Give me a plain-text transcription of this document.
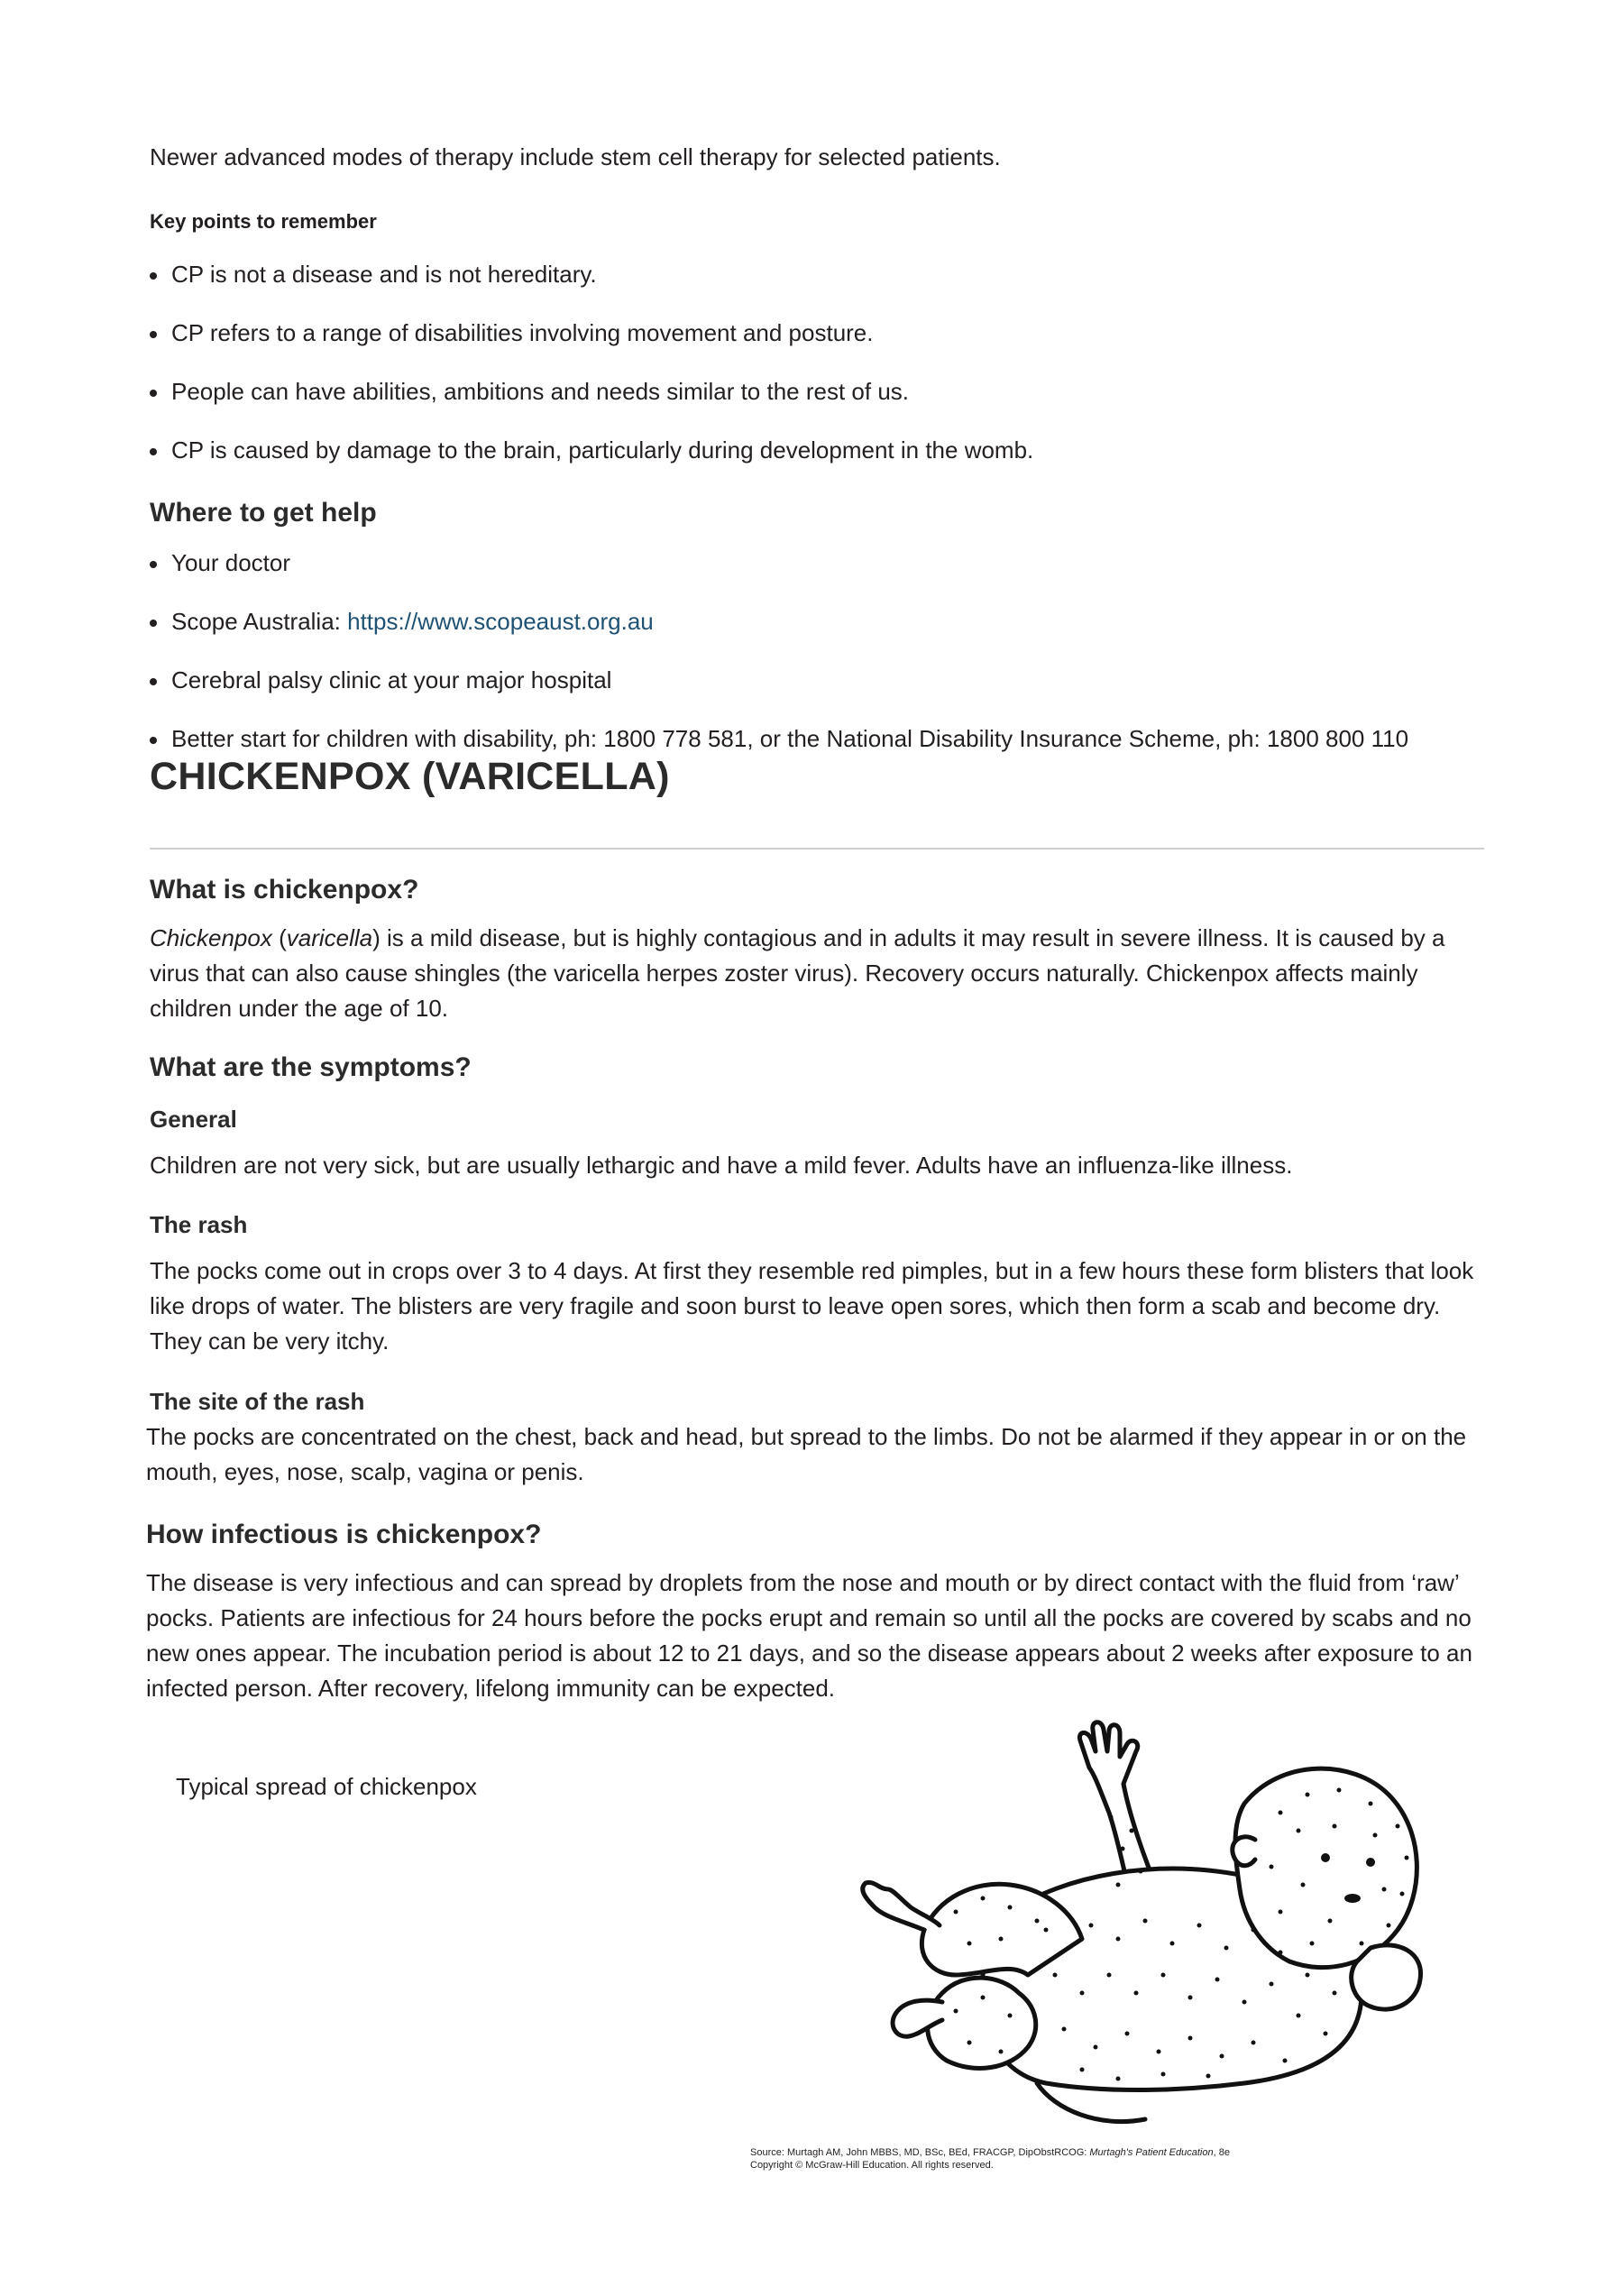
Newer advanced modes of therapy include stem cell therapy for selected patients.

Key points to remember
CP is not a disease and is not hereditary.
CP refers to a range of disabilities involving movement and posture.
People can have abilities, ambitions and needs similar to the rest of us.
CP is caused by damage to the brain, particularly during development in the womb.
Where to get help
Your doctor
Scope Australia: https://www.scopeaust.org.au
Cerebral palsy clinic at your major hospital
Better start for children with disability, ph: 1800 778 581, or the National Disability Insurance Scheme, ph: 1800 800 110
CHICKENPOX (VARICELLA)
What is chickenpox?

Chickenpox (varicella) is a mild disease, but is highly contagious and in adults it may result in severe illness. It is caused by a virus that can also cause shingles (the varicella herpes zoster virus). Recovery occurs naturally. Chickenpox affects mainly children under the age of 10.

What are the symptoms?
General

Children are not very sick, but are usually lethargic and have a mild fever. Adults have an influenza-like illness.

The rash

The pocks come out in crops over 3 to 4 days. At first they resemble red pimples, but in a few hours these form blisters that look like drops of water. The blisters are very fragile and soon burst to leave open sores, which then form a scab and become dry. They can be very itchy.

The site of the rash

The pocks are concentrated on the chest, back and head, but spread to the limbs. Do not be alarmed if they appear in or on the mouth, eyes, nose, scalp, vagina or penis.

How infectious is chickenpox?

The disease is very infectious and can spread by droplets from the nose and mouth or by direct contact with the fluid from ‘raw’ pocks. Patients are infectious for 24 hours before the pocks erupt and remain so until all the pocks are covered by scabs and no new ones appear. The incubation period is about 12 to 21 days, and so the disease appears about 2 weeks after exposure to an infected person. After recovery, lifelong immunity can be expected.

Typical spread of chickenpox
Source: Murtagh AM, John MBBS, MD, BSc, BEd, FRACGP, DipObstRCOG: Murtagh's Patient Education, 8e
Copyright © McGraw-Hill Education. All rights reserved.
